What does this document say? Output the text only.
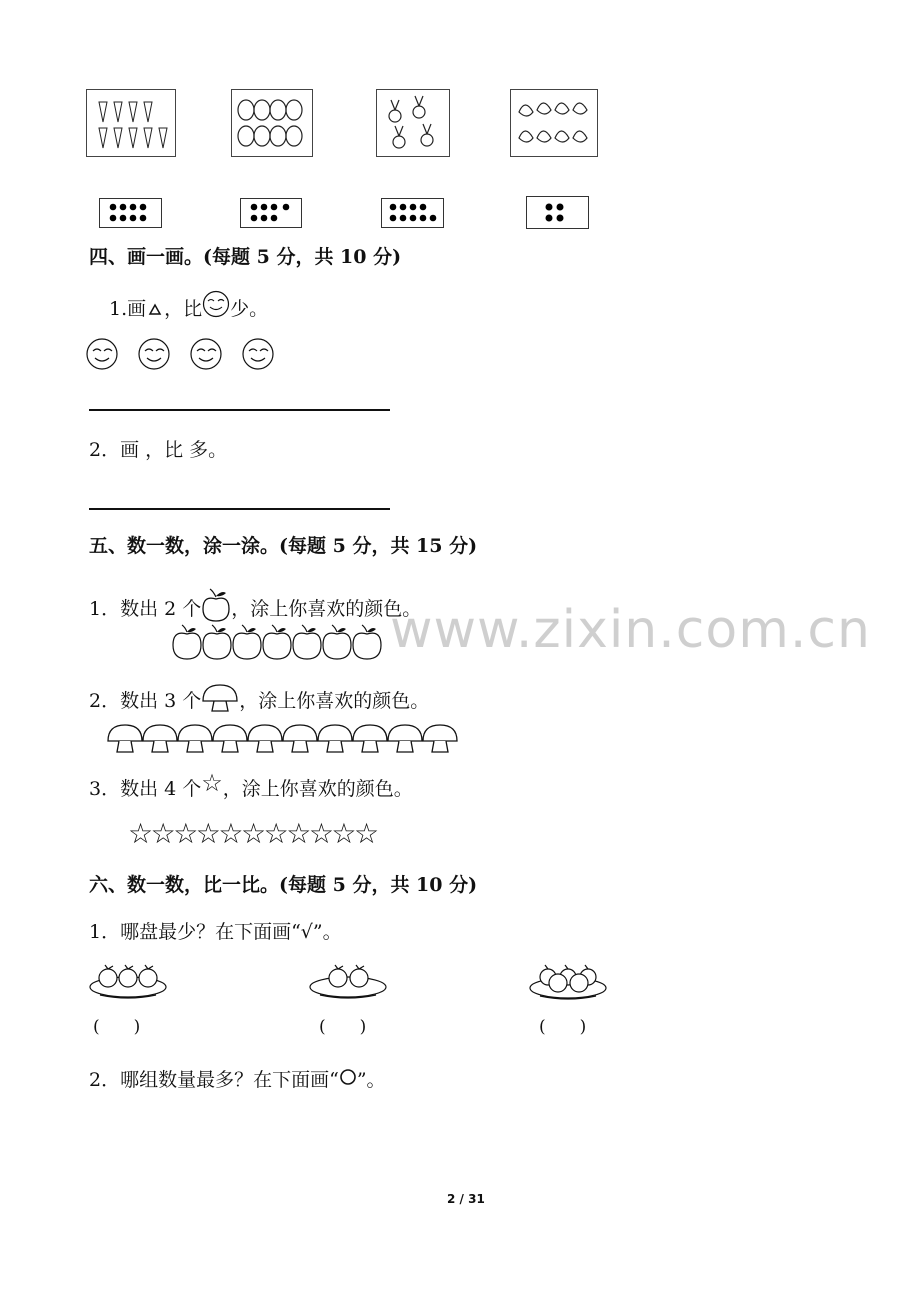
四、画一画。(每题 5 分，共 10 分)
1.画 ，比 少。
2．画 ，比 多。
五、数一数，涂一涂。(每题 5 分，共 15 分)
1．数出 2 个 ，涂上你喜欢的颜色。
2．数出 3 个 ，涂上你喜欢的颜色。
3．数出 4 个 ☆ ，涂上你喜欢的颜色。
☆☆☆☆☆☆☆☆☆☆☆
六、数一数，比一比。(每题 5 分，共 10 分)
1．哪盘最少？在下面画“√”。
(　　)	(　　)	(　　)
2．哪组数量最多？在下面画“ ”。
www.zixin.com.cn
2 / 31
